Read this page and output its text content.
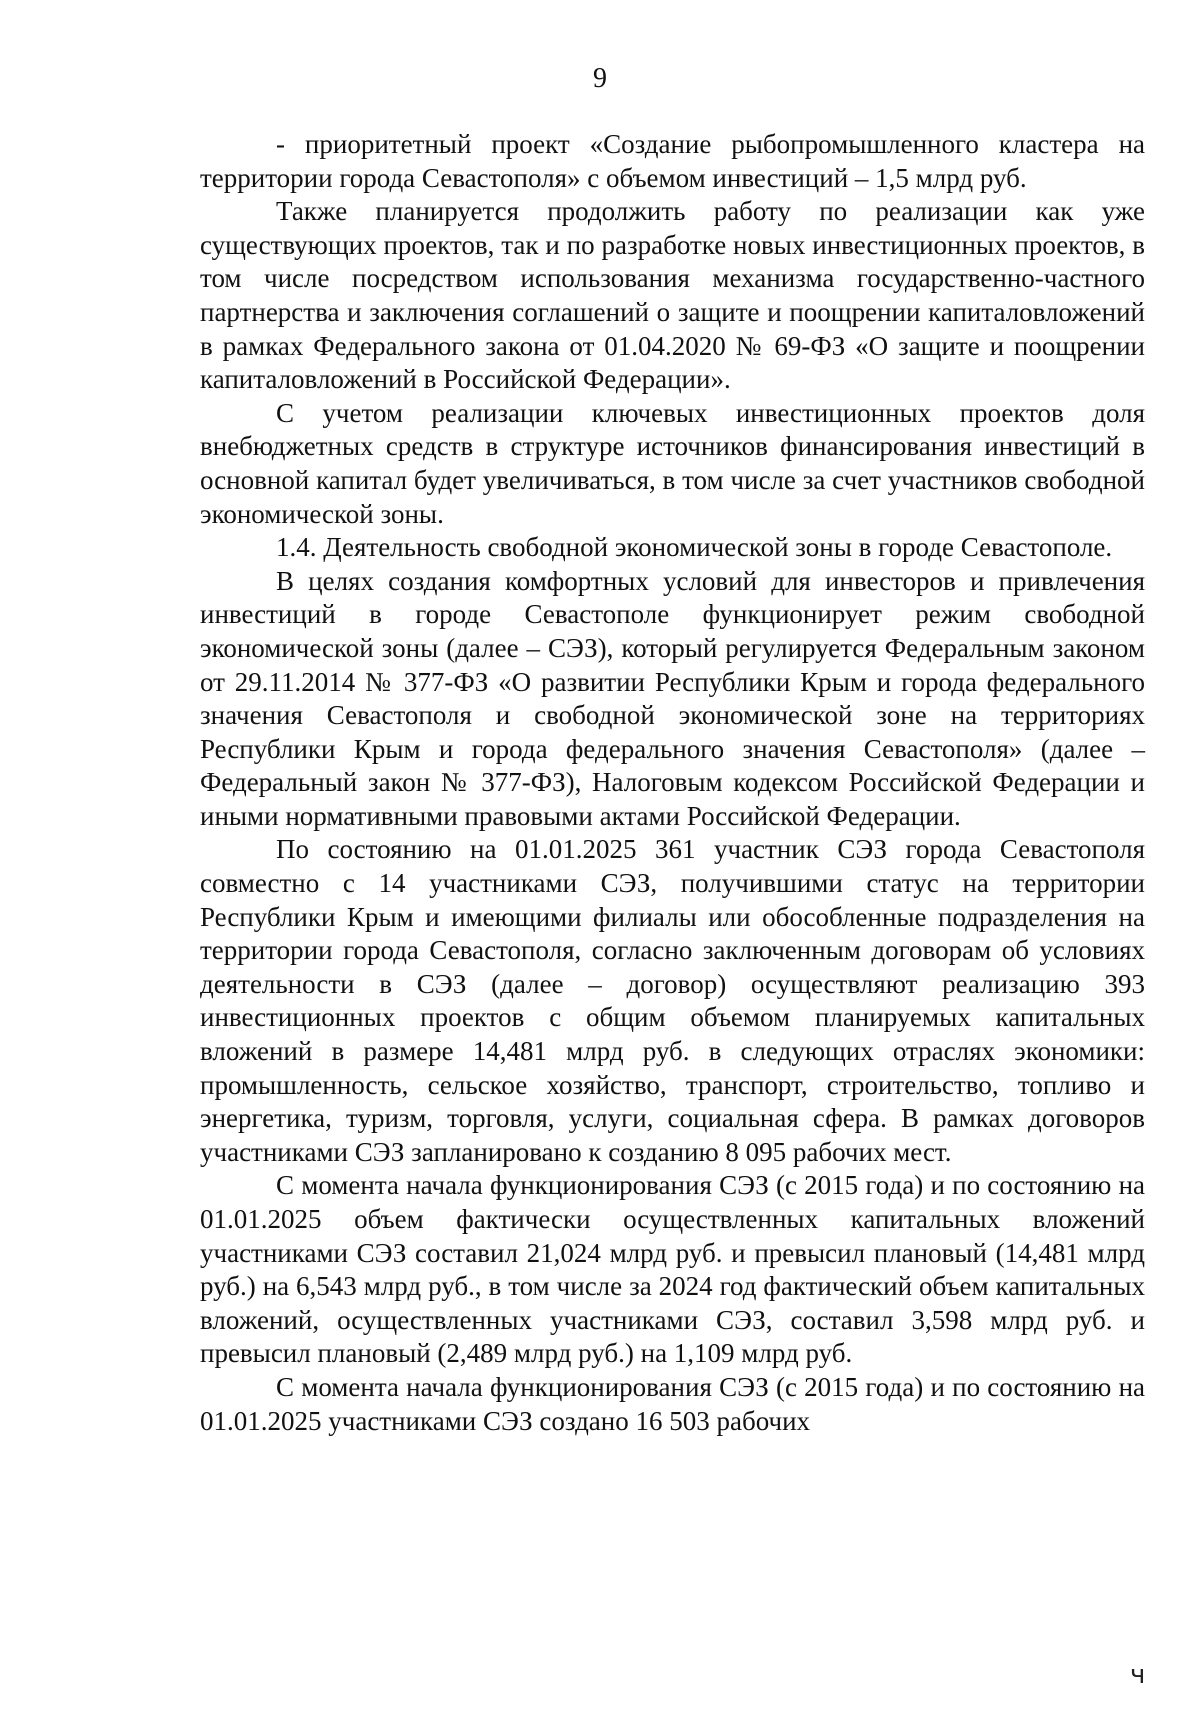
9

- приоритетный проект «Создание рыбопромышленного кластера на территории города Севастополя» с объемом инвестиций – 1,5 млрд руб.

Также планируется продолжить работу по реализации как уже существующих проектов, так и по разработке новых инвестиционных проектов, в том числе посредством использования механизма государственно-частного партнерства и заключения соглашений о защите и поощрении капиталовложений в рамках Федерального закона от 01.04.2020 № 69-ФЗ «О защите и поощрении капиталовложений в Российской Федерации».

С учетом реализации ключевых инвестиционных проектов доля внебюджетных средств в структуре источников финансирования инвестиций в основной капитал будет увеличиваться, в том числе за счет участников свободной экономической зоны.

1.4. Деятельность свободной экономической зоны в городе Севастополе.

В целях создания комфортных условий для инвесторов и привлечения инвестиций в городе Севастополе функционирует режим свободной экономической зоны (далее – СЭЗ), который регулируется Федеральным законом от 29.11.2014 № 377-ФЗ «О развитии Республики Крым и города федерального значения Севастополя и свободной экономической зоне на территориях Республики Крым и города федерального значения Севастополя» (далее – Федеральный закон № 377-ФЗ), Налоговым кодексом Российской Федерации и иными нормативными правовыми актами Российской Федерации.

По состоянию на 01.01.2025 361 участник СЭЗ города Севастополя совместно с 14 участниками СЭЗ, получившими статус на территории Республики Крым и имеющими филиалы или обособленные подразделения на территории города Севастополя, согласно заключенным договорам об условиях деятельности в СЭЗ (далее – договор) осуществляют реализацию 393 инвестиционных проектов с общим объемом планируемых капитальных вложений в размере 14,481 млрд руб. в следующих отраслях экономики: промышленность, сельское хозяйство, транспорт, строительство, топливо и энергетика, туризм, торговля, услуги, социальная сфера. В рамках договоров участниками СЭЗ запланировано к созданию 8 095 рабочих мест.

С момента начала функционирования СЭЗ (с 2015 года) и по состоянию на 01.01.2025 объем фактически осуществленных капитальных вложений участниками СЭЗ составил 21,024 млрд руб. и превысил плановый (14,481 млрд руб.) на 6,543 млрд руб., в том числе за 2024 год фактический объем капитальных вложений, осуществленных участниками СЭЗ, составил 3,598 млрд руб. и превысил плановый (2,489 млрд руб.) на 1,109 млрд руб.

С момента начала функционирования СЭЗ (с 2015 года) и по состоянию на 01.01.2025 участниками СЭЗ создано 16 503 рабочих

ч
